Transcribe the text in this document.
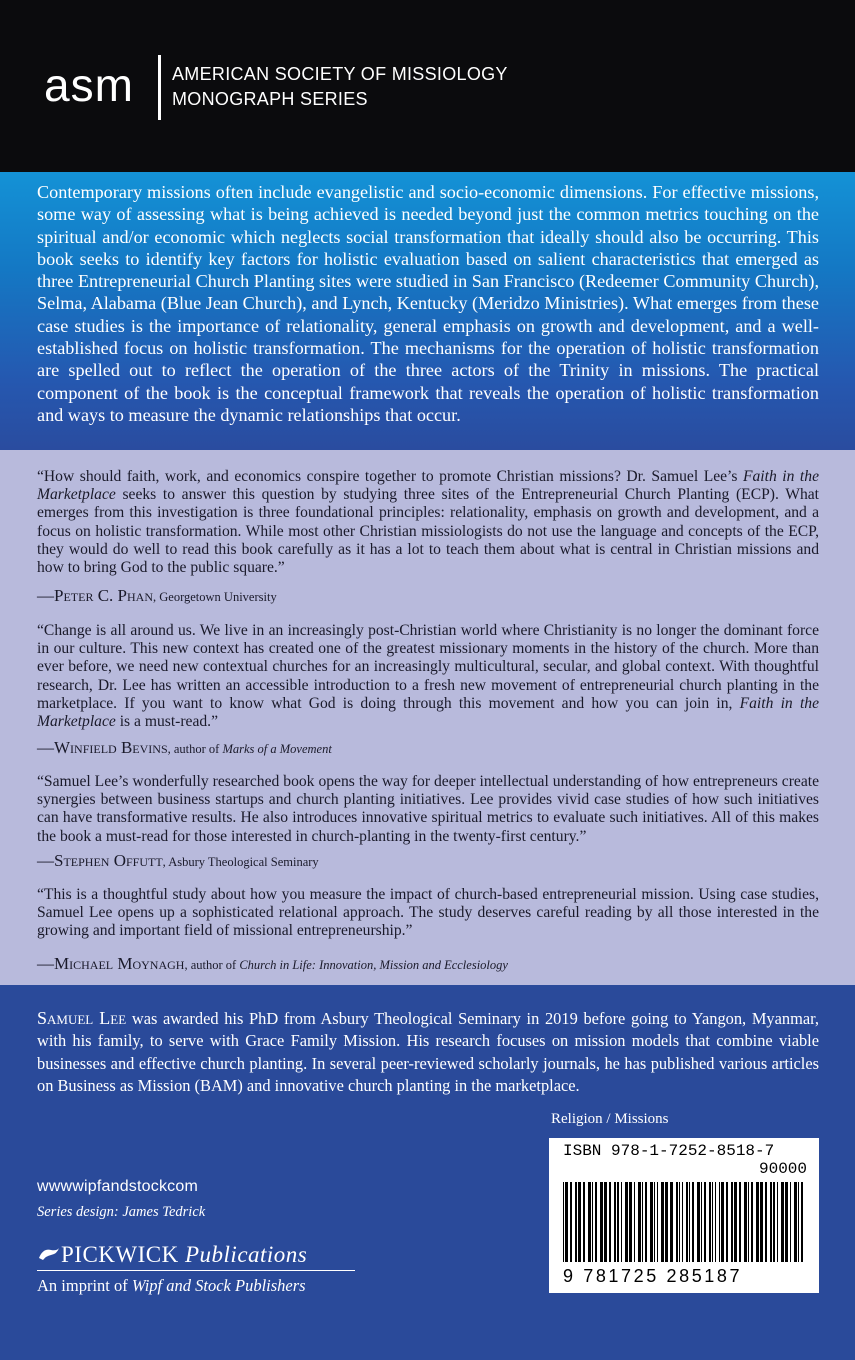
asm AMERICAN SOCIETY OF MISSIOLOGY
MONOGRAPH SERIES

Contemporary missions often include evangelistic and socio-economic dimensions. For effective missions, some way of assessing what is being achieved is needed beyond just the common metrics touching on the spiritual and/or economic which neglects social transformation that ideally should also be occurring. This book seeks to identify key factors for holistic evaluation based on salient characteristics that emerged as three Entrepreneurial Church Planting sites were studied in San Francisco (Redeemer Community Church), Selma, Alabama (Blue Jean Church), and Lynch, Kentucky (Meridzo Ministries). What emerges from these case studies is the importance of relationality, general emphasis on growth and development, and a well-established focus on holistic transformation. The mechanisms for the operation of holistic transformation are spelled out to reflect the operation of the three actors of the Trinity in missions. The practical component of the book is the conceptual framework that reveals the operation of holistic transformation and ways to measure the dynamic relationships that occur.

“How should faith, work, and economics conspire together to promote Christian missions? Dr. Samuel Lee’s Faith in the Marketplace seeks to answer this question by studying three sites of the Entrepreneurial Church Planting (ECP). What emerges from this investigation is three foundational principles: relationality, emphasis on growth and development, and a focus on holistic transformation. While most other Christian missiologists do not use the language and concepts of the ECP, they would do well to read this book carefully as it has a lot to teach them about what is central in Christian missions and how to bring God to the public square.”

—Peter C. Phan, Georgetown University

“Change is all around us. We live in an increasingly post-Christian world where Christianity is no longer the dominant force in our culture. This new context has created one of the greatest missionary moments in the history of the church. More than ever before, we need new contextual churches for an increasingly multicultural, secular, and global context. With thoughtful research, Dr. Lee has written an accessible introduction to a fresh new movement of entrepreneurial church planting in the marketplace. If you want to know what God is doing through this movement and how you can join in, Faith in the Marketplace is a must-read.”

—Winfield Bevins, author of Marks of a Movement

“Samuel Lee’s wonderfully researched book opens the way for deeper intellectual understanding of how entrepreneurs create synergies between business startups and church planting initiatives. Lee provides vivid case studies of how such initiatives can have transformative results. He also introduces innovative spiritual metrics to evaluate such initiatives. All of this makes the book a must-read for those interested in church-planting in the twenty-first century.”

—Stephen Offutt, Asbury Theological Seminary

“This is a thoughtful study about how you measure the impact of church-based entrepreneurial mission. Using case studies, Samuel Lee opens up a sophisticated relational approach. The study deserves careful reading by all those interested in the growing and important field of missional entrepreneurship.”

—Michael Moynagh, author of Church in Life: Innovation, Mission and Ecclesiology

Samuel Lee was awarded his PhD from Asbury Theological Seminary in 2019 before going to Yangon, Myanmar, with his family, to serve with Grace Family Mission. His research focuses on mission models that combine viable businesses and effective church planting. In several peer-reviewed scholarly journals, he has published various articles on Business as Mission (BAM) and innovative church planting in the marketplace.

Religion / Missions
ISBN 978-1-7252-8518-7
90000
9 781725 285187
wwwwipfandstockcom
Series design: James Tedrick
PICKWICK Publications
An imprint of Wipf and Stock Publishers
